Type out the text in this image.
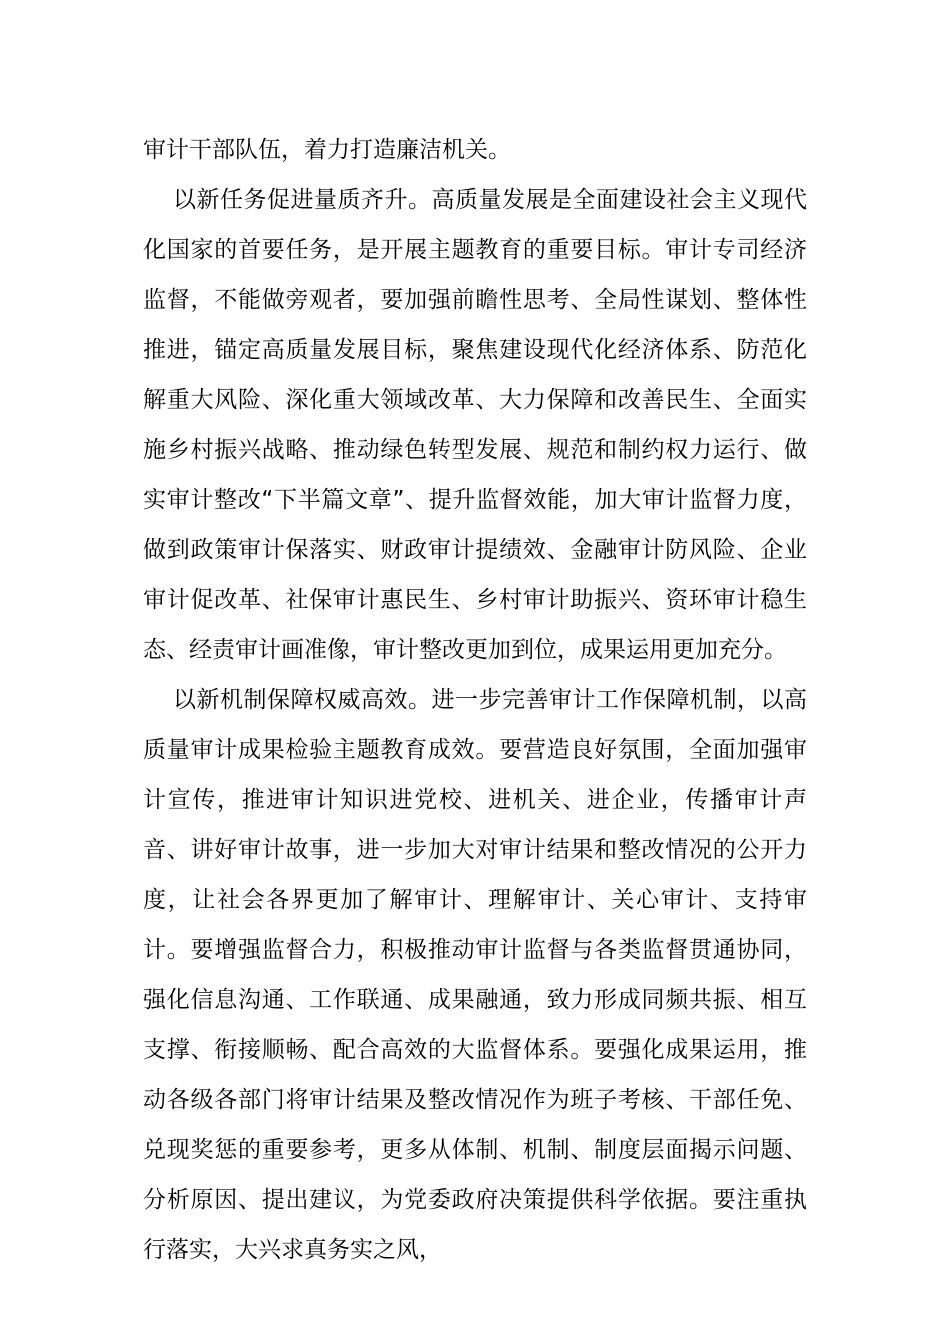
审计干部队伍，着力打造廉洁机关。

以新任务促进量质齐升。高质量发展是全面建设社会主义现代化国家的首要任务，是开展主题教育的重要目标。审计专司经济监督，不能做旁观者，要加强前瞻性思考、全局性谋划、整体性推进，锚定高质量发展目标，聚焦建设现代化经济体系、防范化解重大风险、深化重大领域改革、大力保障和改善民生、全面实施乡村振兴战略、推动绿色转型发展、规范和制约权力运行、做实审计整改“下半篇文章”、提升监督效能，加大审计监督力度，做到政策审计保落实、财政审计提绩效、金融审计防风险、企业审计促改革、社保审计惠民生、乡村审计助振兴、资环审计稳生态、经责审计画准像，审计整改更加到位，成果运用更加充分。

以新机制保障权威高效。进一步完善审计工作保障机制，以高质量审计成果检验主题教育成效。要营造良好氛围，全面加强审计宣传，推进审计知识进党校、进机关、进企业，传播审计声音、讲好审计故事，进一步加大对审计结果和整改情况的公开力度，让社会各界更加了解审计、理解审计、关心审计、支持审计。要增强监督合力，积极推动审计监督与各类监督贯通协同，强化信息沟通、工作联通、成果融通，致力形成同频共振、相互支撑、衔接顺畅、配合高效的大监督体系。要强化成果运用，推动各级各部门将审计结果及整改情况作为班子考核、干部任免、兑现奖惩的重要参考，更多从体制、机制、制度层面揭示问题、分析原因、提出建议，为党委政府决策提供科学依据。要注重执行落实，大兴求真务实之风，
